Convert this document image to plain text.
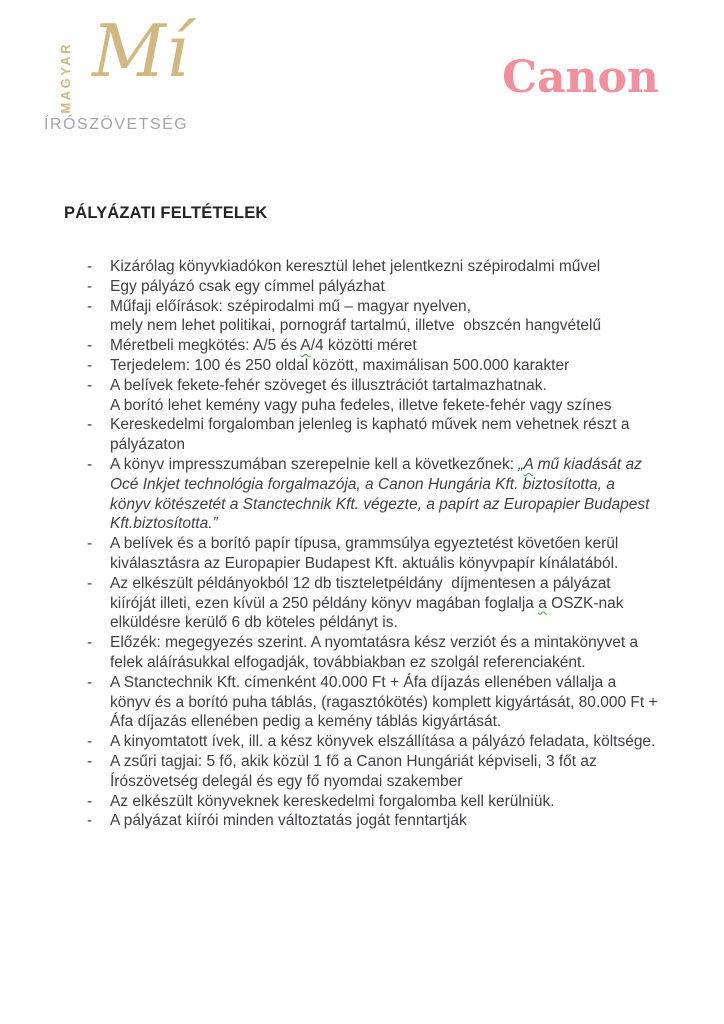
MAGYAR Mí
ÍRÓSZÖVETSÉG
Canon
PÁLYÁZATI FELTÉTELEK
-	Kizárólag könyvkiadókon keresztül lehet jelentkezni szépirodalmi művel
-	Egy pályázó csak egy címmel pályázhat
-	Műfaji előírások: szépirodalmi mű – magyar nyelven,
mely nem lehet politikai, pornográf tartalmú, illetve  obszcén hangvételű
-	Méretbeli megkötés: A/5 és A/4 közötti méret
-	Terjedelem: 100 és 250 oldal között, maximálisan 500.000 karakter
-	A belívek fekete-fehér szöveget és illusztrációt tartalmazhatnak.
A borító lehet kemény vagy puha fedeles, illetve fekete-fehér vagy színes
-	Kereskedelmi forgalomban jelenleg is kapható művek nem vehetnek részt a
pályázaton
-	A könyv impresszumában szerepelnie kell a következőnek: „A mű kiadását az
Océ Inkjet technológia forgalmazója, a Canon Hungária Kft. biztosította, a
könyv kötészetét a Stanctechnik Kft. végezte, a papírt az Europapier Budapest
Kft.biztosította.”
-	A belívek és a borító papír típusa, grammsúlya egyeztetést követően kerül
kiválasztásra az Europapier Budapest Kft. aktuális könyvpapír kínálatából.
-	Az elkészült példányokból 12 db tiszteletpéldány  díjmentesen a pályázat
kiíróját illeti, ezen kívül a 250 példány könyv magában foglalja a OSZK-nak
elküldésre kerülő 6 db köteles példányt is.
-	Előzék: megegyezés szerint. A nyomtatásra kész verziót és a mintakönyvet a
felek aláírásukkal elfogadják, továbbiakban ez szolgál referenciaként.
-	A Stanctechnik Kft. címenként 40.000 Ft + Áfa díjazás ellenében vállalja a
könyv és a borító puha táblás, (ragasztókötés) komplett kigyártását, 80.000 Ft +
Áfa díjazás ellenében pedig a kemény táblás kigyártását.
-	A kinyomtatott ívek, ill. a kész könyvek elszállítása a pályázó feladata, költsége.
-	A zsűri tagjai: 5 fő, akik közül 1 fő a Canon Hungáriát képviseli, 3 főt az
Írószövetség delegál és egy fő nyomdai szakember
-	Az elkészült könyveknek kereskedelmi forgalomba kell kerülniük.
-	A pályázat kiírói minden változtatás jogát fenntartják
